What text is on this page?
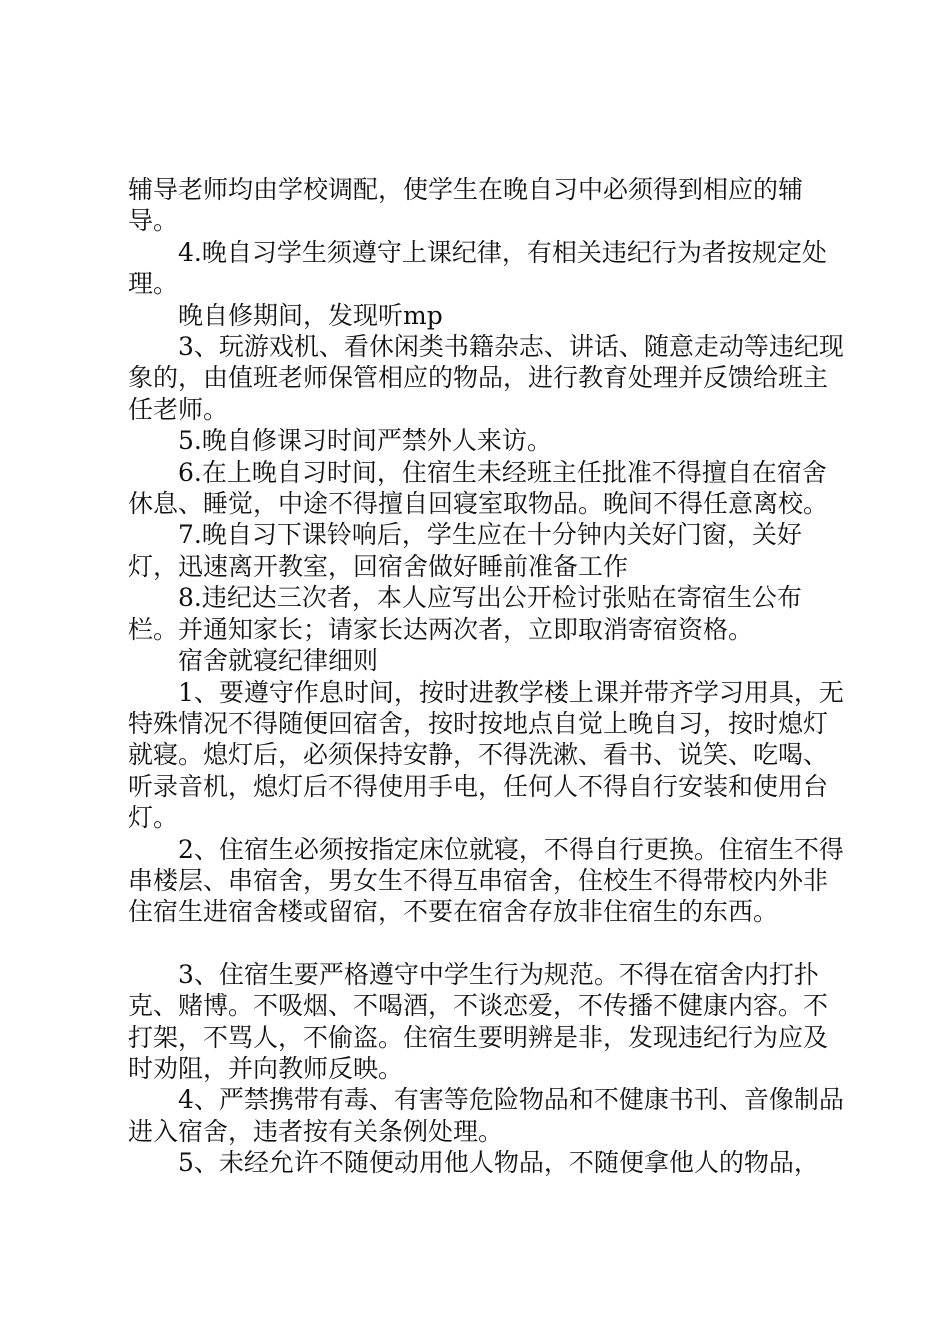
辅导老师均由学校调配，使学生在晚自习中必须得到相应的辅导。

4.晚自习学生须遵守上课纪律，有相关违纪行为者按规定处理。

晚自修期间，发现听mp

3、玩游戏机、看休闲类书籍杂志、讲话、随意走动等违纪现象的，由值班老师保管相应的物品，进行教育处理并反馈给班主任老师。

5.晚自修课习时间严禁外人来访。

6.在上晚自习时间，住宿生未经班主任批准不得擅自在宿舍休息、睡觉，中途不得擅自回寝室取物品。晚间不得任意离校。

7.晚自习下课铃响后，学生应在十分钟内关好门窗，关好灯，迅速离开教室，回宿舍做好睡前准备工作

8.违纪达三次者，本人应写出公开检讨张贴在寄宿生公布栏。并通知家长；请家长达两次者，立即取消寄宿资格。

宿舍就寝纪律细则

1、要遵守作息时间，按时进教学楼上课并带齐学习用具，无特殊情况不得随便回宿舍，按时按地点自觉上晚自习，按时熄灯就寝。熄灯后，必须保持安静，不得洗漱、看书、说笑、吃喝、听录音机，熄灯后不得使用手电，任何人不得自行安装和使用台灯。

2、住宿生必须按指定床位就寝，不得自行更换。住宿生不得串楼层、串宿舍，男女生不得互串宿舍，住校生不得带校内外非住宿生进宿舍楼或留宿，不要在宿舍存放非住宿生的东西。

3、住宿生要严格遵守中学生行为规范。不得在宿舍内打扑克、赌博。不吸烟、不喝酒，不谈恋爱，不传播不健康内容。不打架，不骂人，不偷盗。住宿生要明辨是非，发现违纪行为应及时劝阻，并向教师反映。

4、严禁携带有毒、有害等危险物品和不健康书刊、音像制品进入宿舍，违者按有关条例处理。

5、未经允许不随便动用他人物品，不随便拿他人的物品，
